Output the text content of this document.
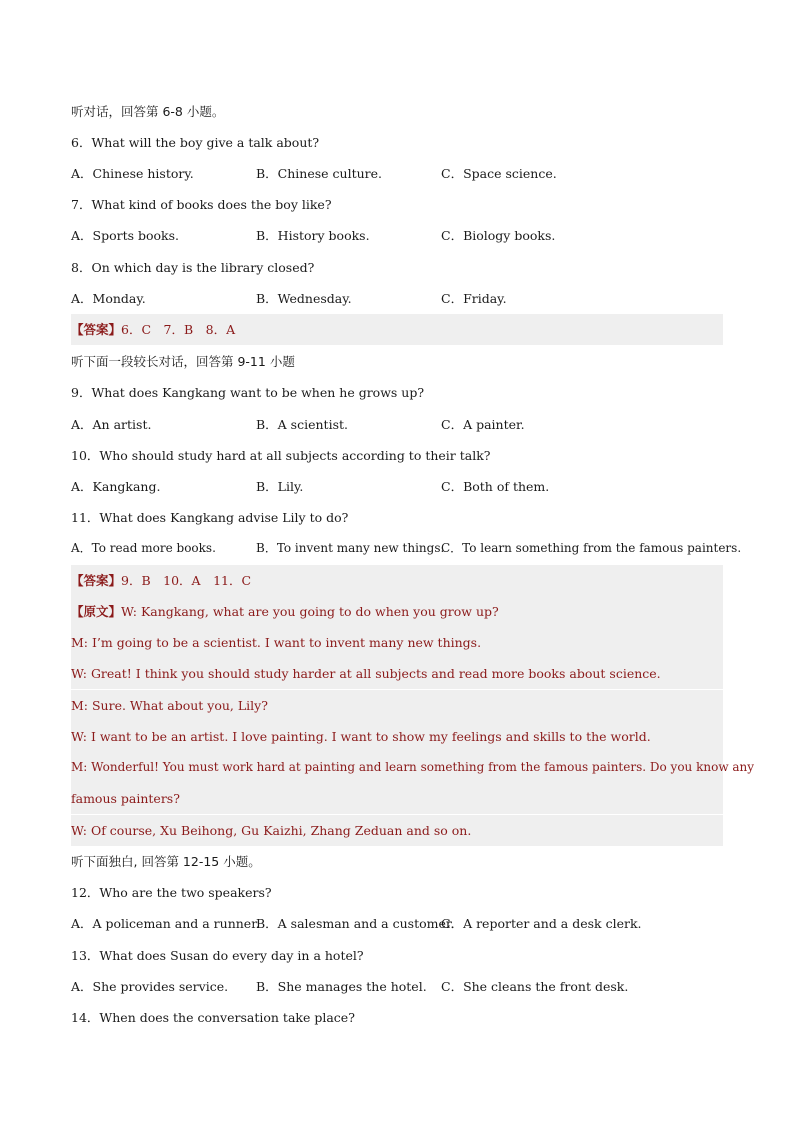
听对话，回答第 6-8 小题。
6．What will the boy give a talk about?
A．Chinese history.	B．Chinese culture.	C．Space science.
7．What kind of books does the boy like?
A．Sports books.	B．History books.	C．Biology books.
8．On which day is the library closed?
A．Monday.	B．Wednesday.	C．Friday.
【答案】6．C　7．B　8．A
听下面一段较长对话，回答第 9-11 小题
9．What does Kangkang want to be when he grows up?
A．An artist.	B．A scientist.	C．A painter.
10．Who should study hard at all subjects according to their talk?
A．Kangkang.	B．Lily.	C．Both of them.
11．What does Kangkang advise Lily to do?
A．To read more books.	B．To invent many new things.
C．To learn something from the famous painters.
【答案】9．B　10．A　11．C
【原文】W: Kangkang, what are you going to do when you grow up?
M: I’m going to be a scientist. I want to invent many new things.
W: Great! I think you should study harder at all subjects and read more books about science.
M: Sure. What about you, Lily?
W: I want to be an artist. I love painting. I want to show my feelings and skills to the world.
M: Wonderful! You must work hard at painting and learn something from the famous painters. Do you know any
famous painters?
W: Of course, Xu Beihong, Gu Kaizhi, Zhang Zeduan and so on.
听下面独白, 回答第 12-15 小题。
12．Who are the two speakers?
A．A policeman and a runner.
B．A salesman and a customer.
C．A reporter and a desk clerk.
13．What does Susan do every day in a hotel?
A．She provides service. B．She manages the hotel. C．She cleans the front desk.
14．When does the conversation take place?
